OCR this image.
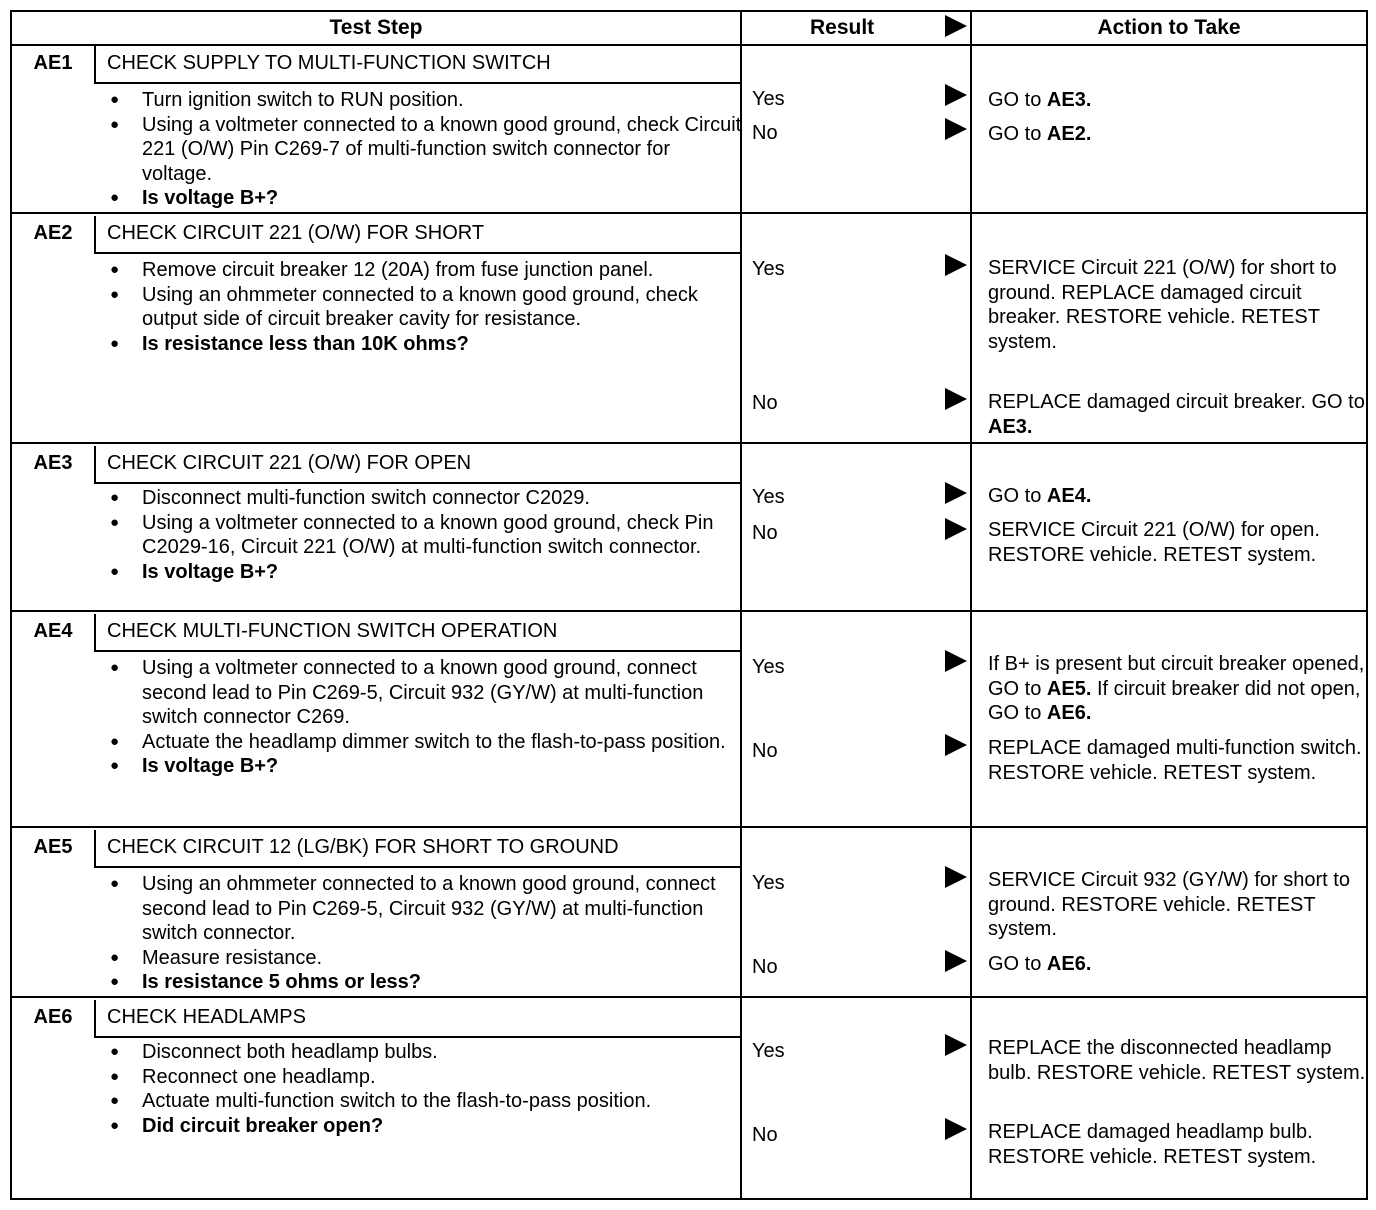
Test Step	Result	Action to Take
AE1	CHECK SUPPLY TO MULTI-FUNCTION SWITCH
● Turn ignition switch to RUN position.
● Using a voltmeter connected to a known good ground, check Circuit 221 (O/W) Pin C269-7 of multi-function switch connector for voltage.
● Is voltage B+?
Yes	GO to AE3.
No	GO to AE2.
AE2	CHECK CIRCUIT 221 (O/W) FOR SHORT
● Remove circuit breaker 12 (20A) from fuse junction panel.
● Using an ohmmeter connected to a known good ground, check output side of circuit breaker cavity for resistance.
● Is resistance less than 10K ohms?
Yes	SERVICE Circuit 221 (O/W) for short to ground. REPLACE damaged circuit breaker. RESTORE vehicle. RETEST system.
No	REPLACE damaged circuit breaker. GO to AE3.
AE3	CHECK CIRCUIT 221 (O/W) FOR OPEN
● Disconnect multi-function switch connector C2029.
● Using a voltmeter connected to a known good ground, check Pin C2029-16, Circuit 221 (O/W) at multi-function switch connector.
● Is voltage B+?
Yes	GO to AE4.
No	SERVICE Circuit 221 (O/W) for open. RESTORE vehicle. RETEST system.
AE4	CHECK MULTI-FUNCTION SWITCH OPERATION
● Using a voltmeter connected to a known good ground, connect second lead to Pin C269-5, Circuit 932 (GY/W) at multi-function switch connector C269.
● Actuate the headlamp dimmer switch to the flash-to-pass position.
● Is voltage B+?
Yes	If B+ is present but circuit breaker opened, GO to AE5. If circuit breaker did not open, GO to AE6.
No	REPLACE damaged multi-function switch. RESTORE vehicle. RETEST system.
AE5	CHECK CIRCUIT 12 (LG/BK) FOR SHORT TO GROUND
● Using an ohmmeter connected to a known good ground, connect second lead to Pin C269-5, Circuit 932 (GY/W) at multi-function switch connector.
● Measure resistance.
● Is resistance 5 ohms or less?
Yes	SERVICE Circuit 932 (GY/W) for short to ground. RESTORE vehicle. RETEST system.
No	GO to AE6.
AE6	CHECK HEADLAMPS
● Disconnect both headlamp bulbs.
● Reconnect one headlamp.
● Actuate multi-function switch to the flash-to-pass position.
● Did circuit breaker open?
Yes	REPLACE the disconnected headlamp bulb. RESTORE vehicle. RETEST system.
No	REPLACE damaged headlamp bulb. RESTORE vehicle. RETEST system.
